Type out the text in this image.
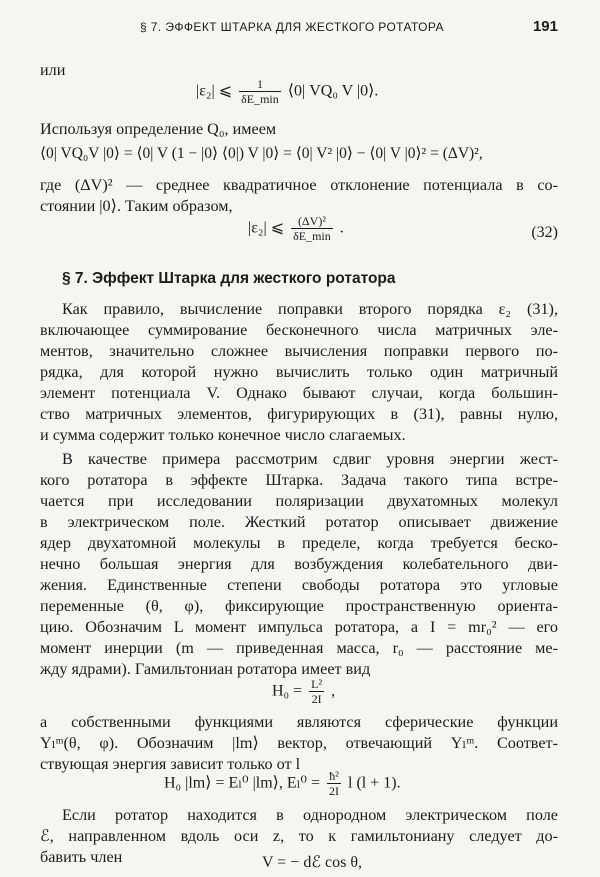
§ 7. ЭФФЕКТ ШТАРКА ДЛЯ ЖЕСТКОГО РОТАТОРА	191
или
|ε₂| ⩽ $\frac{1}{\delta E\_\min}$ ⟨0| VQ₀ V |0⟩.
Используя определение Q₀, имеем
⟨0| VQ₀V |0⟩ = ⟨0| V (1 − |0⟩ ⟨0|) V |0⟩ = ⟨0| V² |0⟩ − ⟨0| V |0⟩² = (ΔV)²,
где (ΔV)² — среднее квадратичное отклонение потенциала в со-
стоянии |0⟩. Таким образом,
|ε₂| ⩽ $\frac{\text{(ΔV)²}}{\delta E\_\min}$ .	(32)
§ 7. Эффект Штарка для жесткого ротатора
Как правило, вычисление поправки второго порядка ε₂ (31),
включающее суммирование бесконечного числа матричных эле-
ментов, значительно сложнее вычисления поправки первого по-
рядка, для которой нужно вычислить только один матричный
элемент потенциала V. Однако бывают случаи, когда большин-
ство матричных элементов, фигурирующих в (31), равны нулю,
и сумма содержит только конечное число слагаемых.
В качестве примера рассмотрим сдвиг уровня энергии жест-
кого ротатора в эффекте Штарка. Задача такого типа встре-
чается при исследовании поляризации двухатомных молекул
в электрическом поле. Жесткий ротатор описывает движение
ядер двухатомной молекулы в пределе, когда требуется беско-
нечно большая энергия для возбуждения колебательного дви-
жения. Единственные степени свободы ротатора это угловые
переменные (θ, φ), фиксирующие пространственную ориента-
цию. Обозначим L момент импульса ротатора, а I = mr₀² — его
момент инерции (m — приведенная масса, r₀ — расстояние ме-
жду ядрами). Гамильтониан ротатора имеет вид
$H_0 = \frac{\text{L²}}{2I}$ ,
а собственными функциями являются сферические функции
Yₗᵐ(θ, φ). Обозначим |lm⟩ вектор, отвечающий Yₗᵐ. Соответ-
ствующая энергия зависит только от l
H₀ |lm⟩ = Eₗ⁰ |lm⟩, $E_l^0 = \frac{\text{ħ²}}{2I}$ l (l + 1).
Если ротатор находится в однородном электрическом поле
ℰ, направленном вдоль оси z, то к гамильтониану следует до-
бавить член	V = − dℰ cos θ,
